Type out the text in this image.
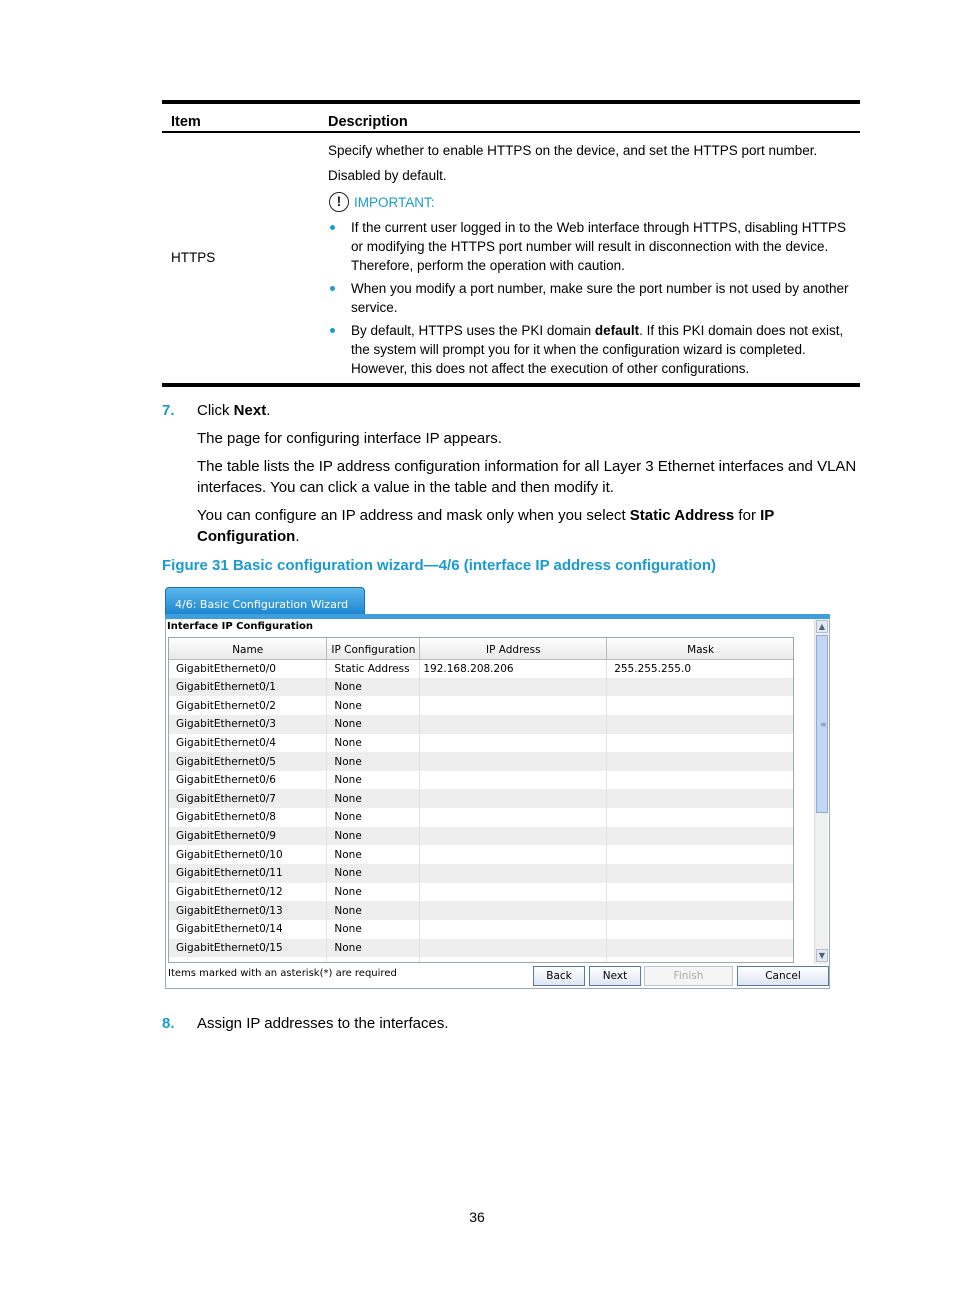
Item	Description
HTTPS

Specify whether to enable HTTPS on the device, and set the HTTPS port number.

Disabled by default.

! IMPORTANT:

If the current user logged in to the Web interface through HTTPS, disabling HTTPS or modifying the HTTPS port number will result in disconnection with the device. Therefore, perform the operation with caution.

When you modify a port number, make sure the port number is not used by another service.

By default, HTTPS uses the PKI domain default. If this PKI domain does not exist, the system will prompt you for it when the configuration wizard is completed. However, this does not affect the execution of other configurations.

7. Click Next.

The page for configuring interface IP appears.

The table lists the IP address configuration information for all Layer 3 Ethernet interfaces and VLAN interfaces. You can click a value in the table and then modify it.

You can configure an IP address and mask only when you select Static Address for IP Configuration.

Figure 31 Basic configuration wizard—4/6 (interface IP address configuration)
4/6: Basic Configuration Wizard
Interface IP Configuration
Name	IP Configuration	IP Address	Mask
GigabitEthernet0/0	Static Address	192.168.208.206	255.255.255.0
GigabitEthernet0/1	None		
GigabitEthernet0/2	None		
GigabitEthernet0/3	None		
GigabitEthernet0/4	None		
GigabitEthernet0/5	None		
GigabitEthernet0/6	None		
GigabitEthernet0/7	None		
GigabitEthernet0/8	None		
GigabitEthernet0/9	None		
GigabitEthernet0/10	None		
GigabitEthernet0/11	None		
GigabitEthernet0/12	None		
GigabitEthernet0/13	None		
GigabitEthernet0/14	None		
GigabitEthernet0/15	None		

▲
≡
▼
Items marked with an asterisk(*) are required	Back	Next	Finish	Cancel
8. Assign IP addresses to the interfaces.
36
